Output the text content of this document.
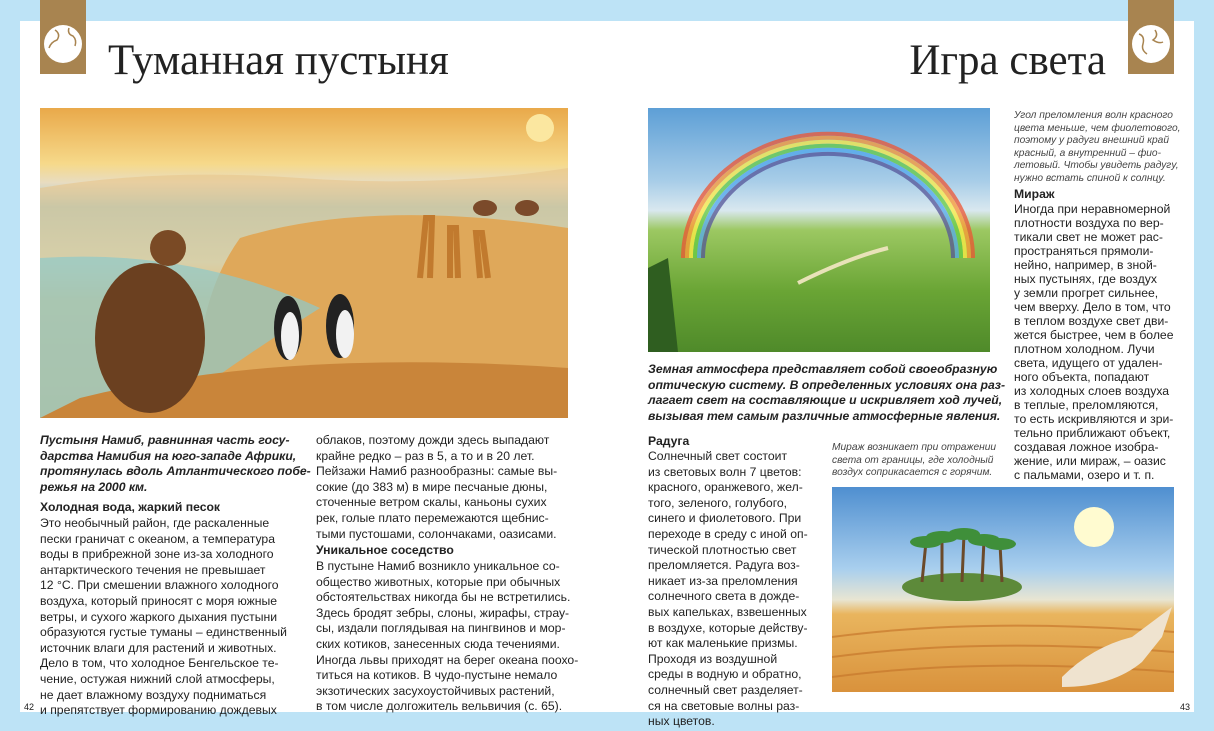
Туманная пустыня	Игра света
Пустыня Намиб, равнинная часть госу-
дарства Намибия на юго-западе Африки,
протянулась вдоль Атлантического побе-
режья на 2000 км.
Холодная вода, жаркий песок
Это необычный район, где раскаленные
пески граничат с океаном, а температура
воды в прибрежной зоне из-за холодного
антарктического течения не превышает
12 °С. При смешении влажного холодного
воздуха, который приносят с моря южные
ветры, и сухого жаркого дыхания пустыни
образуются густые туманы – единственный
источник влаги для растений и животных.
Дело в том, что холодное Бенгельское те-
чение, остужая нижний слой атмосферы,
не дает влажному воздуху подниматься
и препятствует формированию дождевых
облаков, поэтому дожди здесь выпадают
крайне редко – раз в 5, а то и в 20 лет.
Пейзажи Намиб разнообразны: самые вы-
сокие (до 383 м) в мире песчаные дюны,
сточенные ветром скалы, каньоны сухих
рек, голые плато перемежаются щебнис-
тыми пустошами, солончаками, оазисами.
Уникальное соседство
В пустыне Намиб возникло уникальное со-
общество животных, которые при обычных
обстоятельствах никогда бы не встретились.
Здесь бродят зебры, слоны, жирафы, страу-
сы, издали поглядывая на пингвинов и мор-
ских котиков, занесенных сюда течениями.
Иногда львы приходят на берег океана поохо-
титься на котиков. В чудо-пустыне немало
экзотических засухоустойчивых растений,
в том числе долгожитель вельвичия (с. 65).
42
Угол преломления волн красного
цвета меньше, чем фиолетового,
поэтому у радуги внешний край
красный, а внутренний – фио-
летовый. Чтобы увидеть радугу,
нужно встать спиной к солнцу.
Мираж
Иногда при неравномерной
плотности воздуха по вер-
тикали свет не может рас-
пространяться прямоли-
нейно, например, в зной-
ных пустынях, где воздух
у земли прогрет сильнее,
чем вверху. Дело в том, что
в теплом воздухе свет дви-
жется быстрее, чем в более
плотном холодном. Лучи
света, идущего от удален-
ного объекта, попадают
из холодных слоев воздуха
в теплые, преломляются,
то есть искривляются и зри-
тельно приближают объект,
создавая ложное изобра-
жение, или мираж, – оазис
с пальмами, озеро и т. п.
Земная атмосфера представляет собой своеобразную
оптическую систему. В определенных условиях она раз-
лагает свет на составляющие и искривляет ход лучей,
вызывая тем самым различные атмосферные явления.
Радуга
Солнечный свет состоит
из световых волн 7 цветов:
красного, оранжевого, жел-
того, зеленого, голубого,
синего и фиолетового. При
переходе в среду с иной оп-
тической плотностью свет
преломляется. Радуга воз-
никает из-за преломления
солнечного света в дожде-
вых капельках, взвешенных
в воздухе, которые действу-
ют как маленькие призмы.
Проходя из воздушной
среды в водную и обратно,
солнечный свет разделяет-
ся на световые волны раз-
ных цветов.
Мираж возникает при отражении
света от границы, где холодный
воздух соприкасается с горячим.
43
